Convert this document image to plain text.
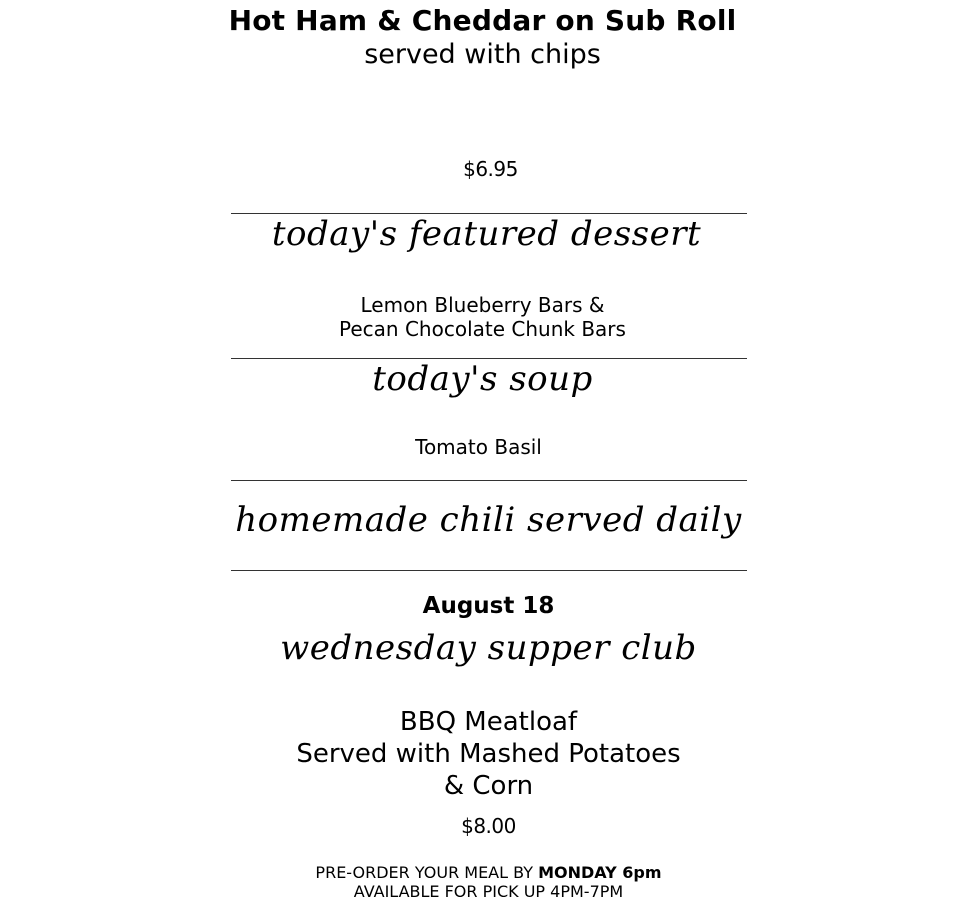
Hot Ham & Cheddar on Sub Roll
served with chips
$6.95
today's featured dessert
Lemon Blueberry Bars &
Pecan Chocolate Chunk Bars
today's soup
Tomato Basil
homemade chili served daily
August 18
wednesday supper club
BBQ Meatloaf
Served with Mashed Potatoes
& Corn
$8.00
PRE-ORDER YOUR MEAL BY MONDAY 6pm
AVAILABLE FOR PICK UP 4PM-7PM
